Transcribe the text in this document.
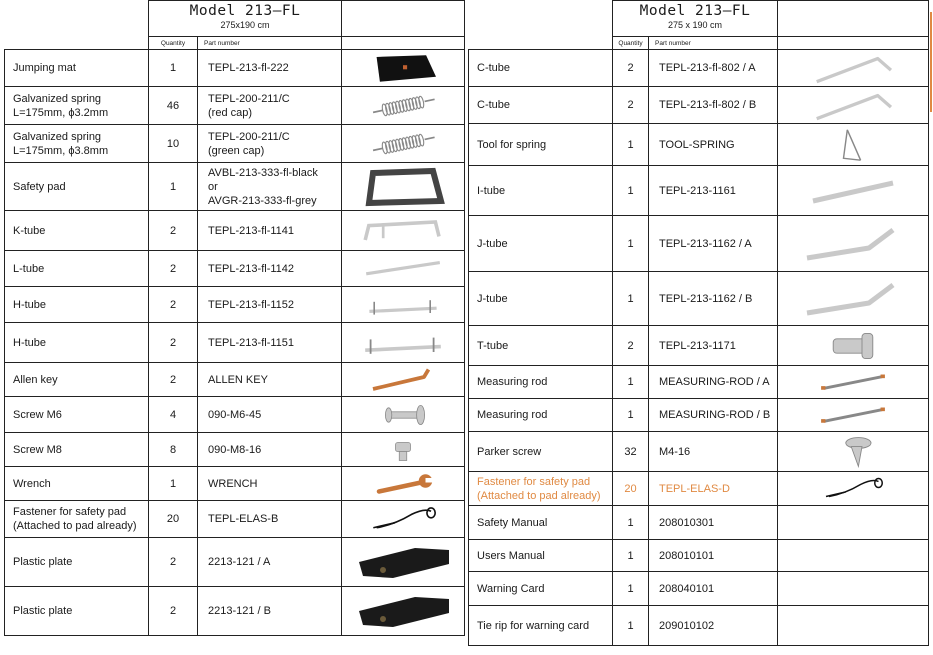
	Model 213–FL
275x190 cm		

	Quantity	Part number	
Jumping mat	1	TEPL-213-fl-222	

Galvanized spring
L=175mm, ϕ3.2mm	46	TEPL-200-211/C
(red cap)	

Galvanized spring
L=175mm, ϕ3.8mm	10	TEPL-200-211/C
(green cap)	

Safety pad	1	AVBL-213-333-fl-black
or
AVGR-213-333-fl-grey	

K-tube	2	TEPL-213-fl-1141	

L-tube	2	TEPL-213-fl-1142	

H-tube	2	TEPL-213-fl-1152	

H-tube	2	TEPL-213-fl-1151	

Allen key	2	ALLEN KEY	

Screw M6	4	090-M6-45	

Screw M8	8	090-M8-16	

Wrench	1	WRENCH	

Fastener for safety pad
(Attached to pad already)	20	TEPL-ELAS-B	

Plastic plate	2	2213-121 / A	

Plastic plate	2	2213-121 / B	

	Model 213–FL
275 x 190 cm		

	Quantity	Part number	
C-tube	2	TEPL-213-fl-802 / A	

C-tube	2	TEPL-213-fl-802 / B	

Tool for spring	1	TOOL-SPRING	

I-tube	1	TEPL-213-1161	

J-tube	1	TEPL-213-1162 / A	

J-tube	1	TEPL-213-1162 / B	

T-tube	2	TEPL-213-1171	

Measuring rod	1	MEASURING-ROD / A	

Measuring rod	1	MEASURING-ROD / B	

Parker screw	32	M4-16	

Fastener for safety pad
(Attached to pad already)	20	TEPL-ELAS-D	

Safety Manual	1	208010301	
Users Manual	1	208010101	
Warning Card	1	208040101	
Tie rip for warning card	1	209010102	
